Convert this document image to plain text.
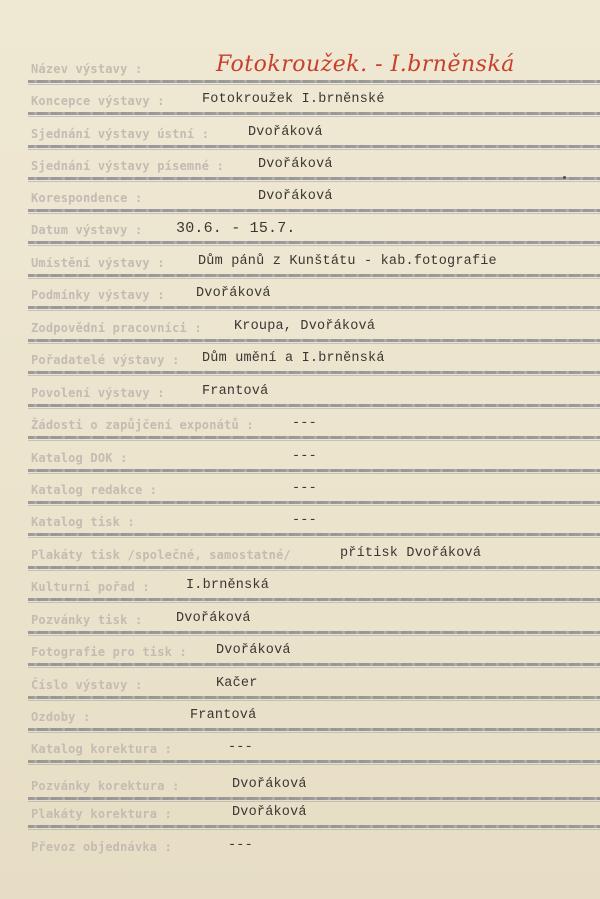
Název výstavy :	Fotokroužek. - I.brněnská
Koncepce výstavy :	Fotokroužek I.brněnské
Sjednání výstavy ústní :	Dvořáková
Sjednání výstavy písemné :	Dvořáková
Korespondence :	Dvořáková
Datum výstavy : 30.6. - 15.7.
Umístění výstavy : Dům pánů z Kunštátu - kab.fotografie
Podmínky výstavy : Dvořáková
Zodpovědní pracovníci : Kroupa, Dvořáková
Pořadatelé výstavy : Dům umění a I.brněnská
Povolení výstavy :	Frantová
Žádosti o zapůjčení exponátů :	---
Katalog DOK :	---
Katalog redakce :	---
Katalog tisk :	---
Plakáty tisk /společné, samostatné/	přítisk Dvořáková
Kulturní pořad :	I.brněnská
Pozvánky tisk : Dvořáková
Fotografie pro tisk : Dvořáková
Číslo výstavy :	Kačer
Ozdoby :	Frantová
Katalog korektura :	---
Pozvánky korektura :	Dvořáková
Plakáty korektura :	Dvořáková
Převoz objednávka :	---
